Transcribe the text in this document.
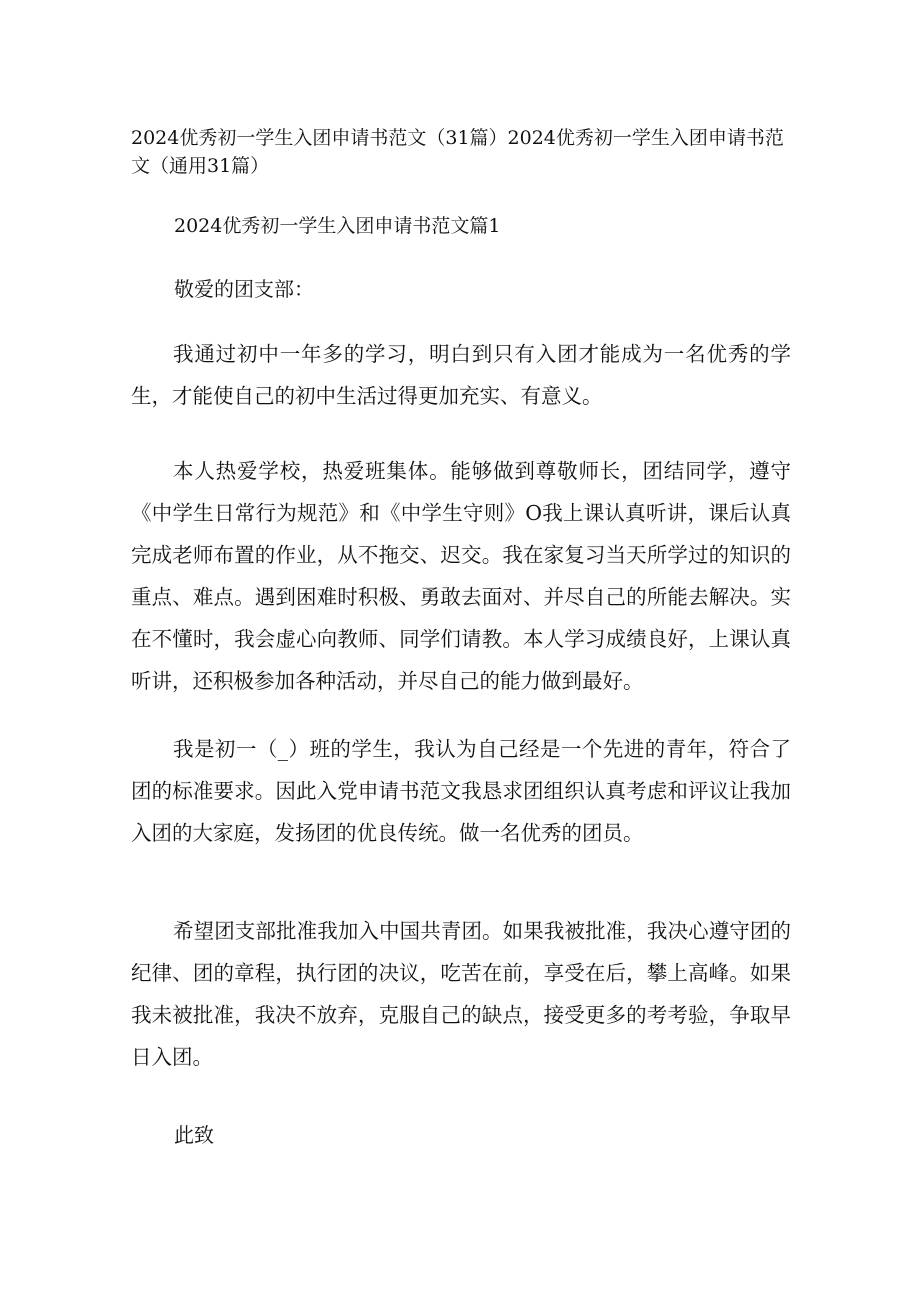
2024优秀初一学生入团申请书范文（31篇）2024优秀初一学生入团申请书范文（通用31篇）
2024优秀初一学生入团申请书范文篇1

敬爱的团支部：

我通过初中一年多的学习，明白到只有入团才能成为一名优秀的学生，才能使自己的初中生活过得更加充实、有意义。

本人热爱学校，热爱班集体。能够做到尊敬师长，团结同学，遵守《中学生日常行为规范》和《中学生守则》O我上课认真听讲，课后认真完成老师布置的作业，从不拖交、迟交。我在家复习当天所学过的知识的重点、难点。遇到困难时积极、勇敢去面对、并尽自己的所能去解决。实在不懂时，我会虚心向教师、同学们请教。本人学习成绩良好，上课认真听讲，还积极参加各种活动，并尽自己的能力做到最好。

我是初一（_）班的学生，我认为自己经是一个先进的青年，符合了团的标准要求。因此入党申请书范文我恳求团组织认真考虑和评议让我加入团的大家庭，发扬团的优良传统。做一名优秀的团员。

希望团支部批准我加入中国共青团。如果我被批准，我决心遵守团的纪律、团的章程，执行团的决议，吃苦在前，享受在后，攀上高峰。如果我未被批准，我决不放弃，克服自己的缺点，接受更多的考考验，争取早日入团。

此致
